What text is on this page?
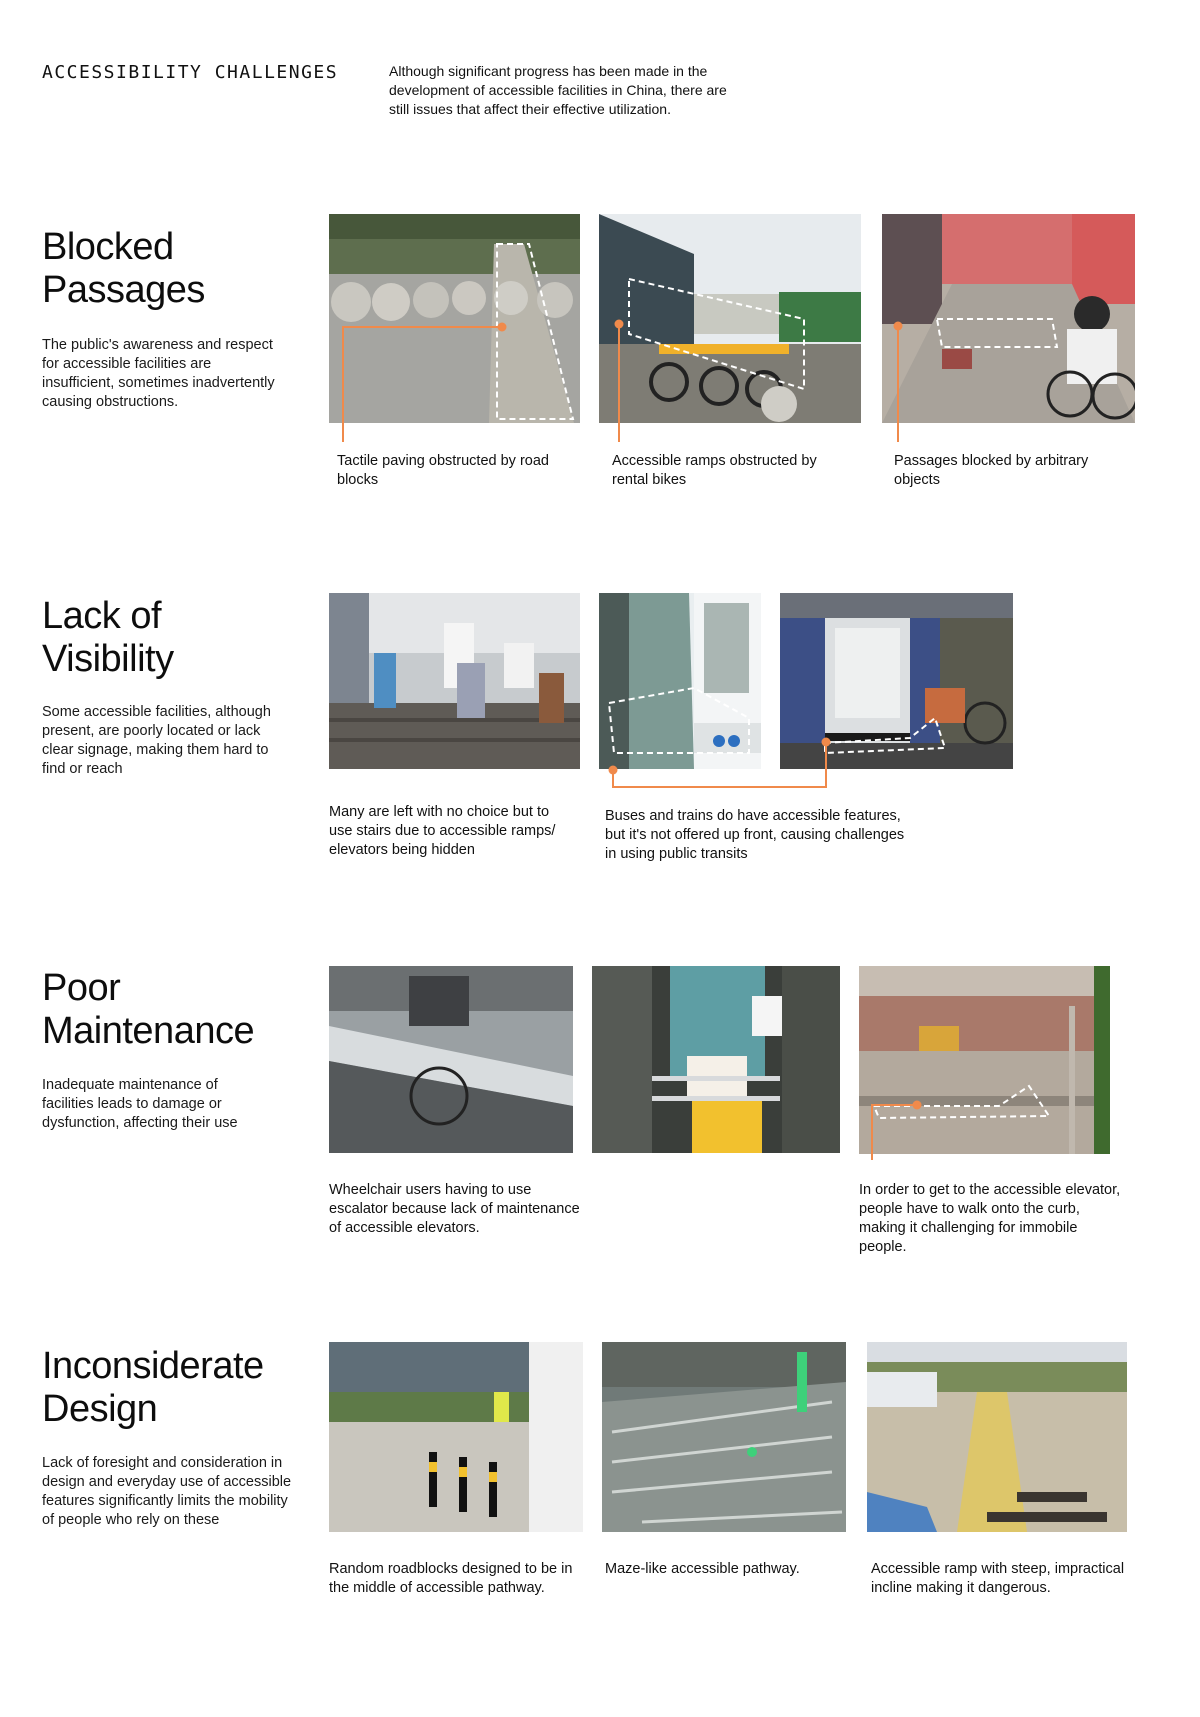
ACCESSIBILITY CHALLENGES	Although significant progress has been made in the development of accessible facilities in China, there are still issues that affect their effective utilization.
Blocked
Passages
The public's awareness and respect for accessible facilities are insufficient, sometimes inadvertently causing obstructions.
Tactile paving obstructed by road blocks
Accessible ramps obstructed by rental bikes
Passages blocked by arbitrary objects
Lack of
Visibility
Some accessible facilities, although present, are poorly located or lack clear signage, making them hard to find or reach
Many are left with no choice but to use stairs due to accessible ramps/ elevators being hidden
Buses and trains do have accessible features, but it's not offered up front, causing challenges in using public transits
Poor
Maintenance
Inadequate maintenance of facilities leads to damage or dysfunction, affecting their use
Wheelchair users having to use escalator because lack of maintenance of accessible elevators.
In order to get to the accessible elevator, people have to walk onto the curb, making it challenging for immobile people.
Inconsiderate
Design
Lack of foresight and consideration in design and everyday use of accessible features significantly limits the mobility of people who rely on these
Random roadblocks designed to be in the middle of accessible pathway.
Maze-like accessible pathway.	Accessible ramp with steep, impractical incline making it dangerous.
